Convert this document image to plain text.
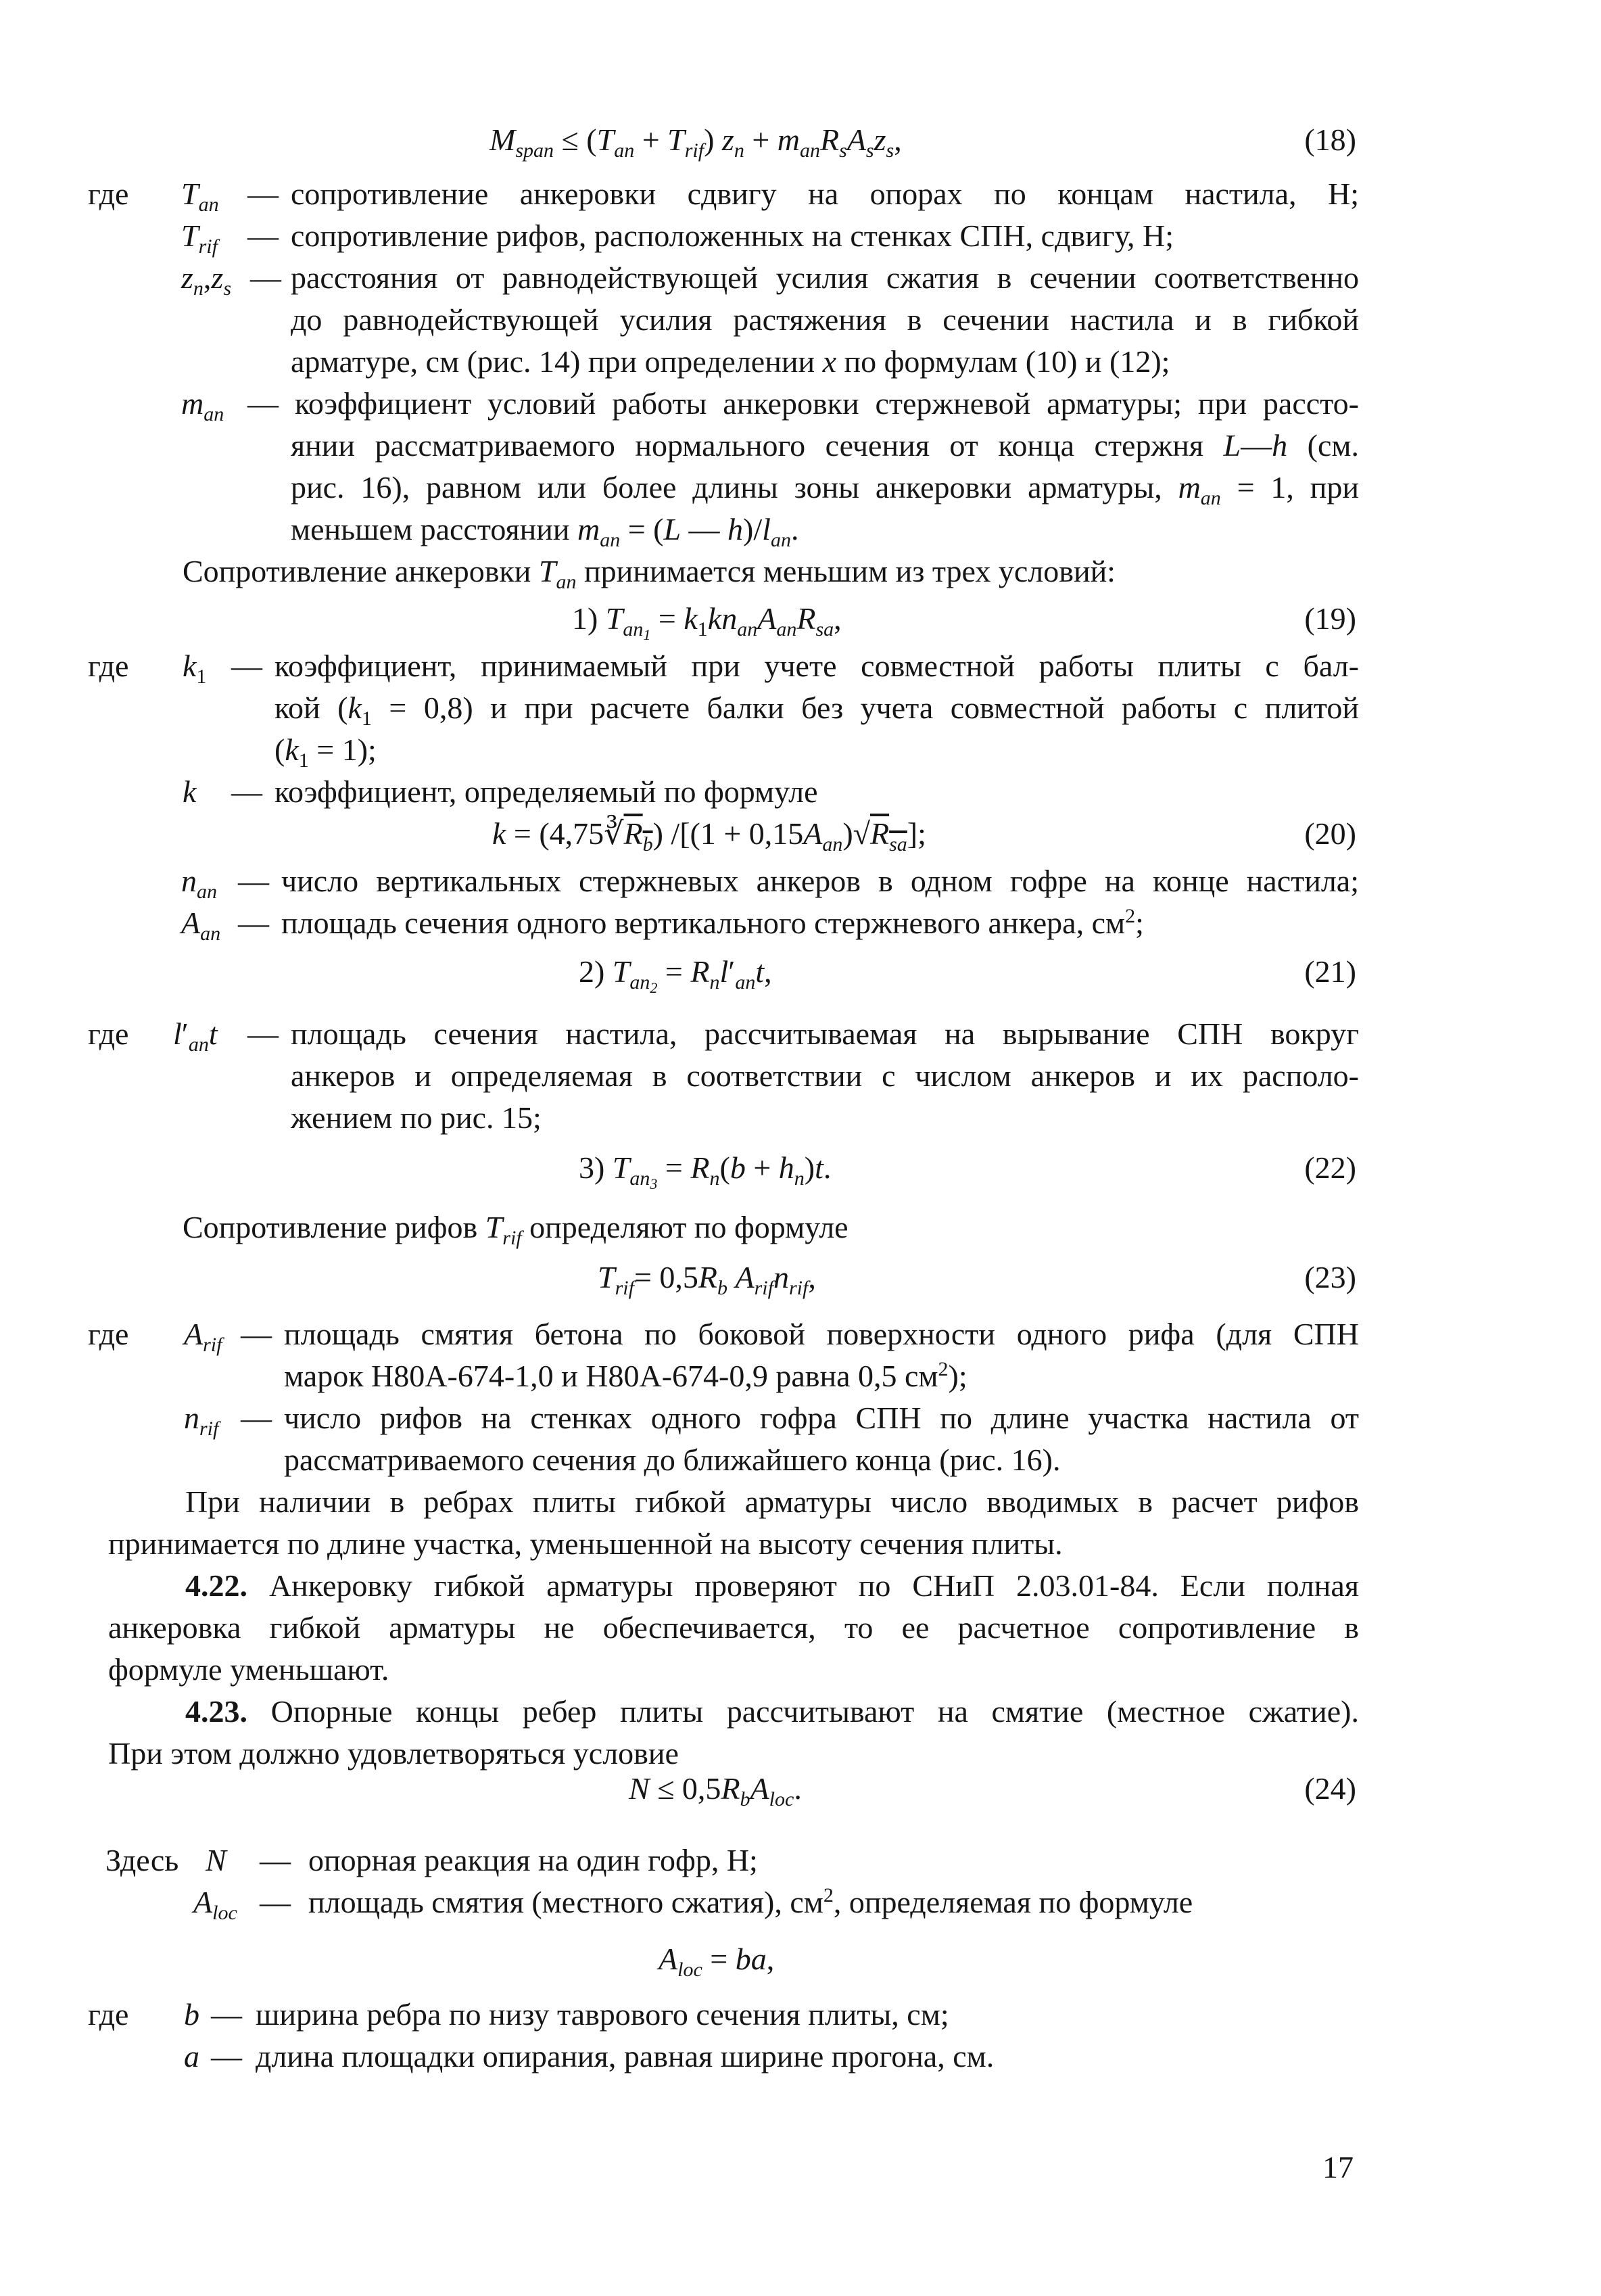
$M_{span} \le (T_{an} + T_{rif}) z_n + m_{an}R_sA_sz_s$,	(18)
где $T_{an}$ — сопротивление анкеровки сдвигу на опорах по концам настила, Н;

$T_{rif}$ — сопротивление рифов, расположенных на стенках СПН, сдвигу, Н;

$z_n,z_s$ — расстояния от равнодействующей усилия сжатия в сечении соответственно

до равнодействующей усилия растяжения в сечении настила и в гибкой

арматуре, см (рис. 14) при определении x по формулам (10) и (12);

$m_{an}$ — коэффициент условий работы анкеровки стержневой арматуры; при рассто-

янии рассматриваемого нормального сечения от конца стержня L—h (см.

рис. 16), равном или более длины зоны анкеровки арматуры, $m_{an} = 1$, при

меньшем расстоянии $m_{an} = (L$ — $h)/l_{an}$.

Сопротивление анкеровки $T_{an}$ принимается меньшим из трех условий:
1) $T_{an_1} = k_1kn_{an}A_{an}R_{sa}$,	(19)
где $k_1$ — коэффициент, принимаемый при учете совместной работы плиты с бал-

кой $(k_1 = 0,8)$ и при расчете балки без учета совместной работы с плитой

$(k_1 = 1)$;

k — коэффициент, определяемый по формуле

$k = (4,75∛R_b) /[(1 + 0,15A_{an})√R_{sa}]$;	(20)
$n_{an}$ — число вертикальных стержневых анкеров в одном гофре на конце настила;

$A_{an}$ — площадь сечения одного вертикального стержневого анкера, $см^2$;

2) $T_{an_2} = R_nl'_{an}t$,	(21)
где $l'_{an}t$ — площадь сечения настила, рассчитываемая на вырывание СПН вокруг

анкеров и определяемая в соответствии с числом анкеров и их располо-

жением по рис. 15;

3) $T_{an_3} = R_n(b + h_n)t$.	(22)
Сопротивление рифов $T_{rif}$ определяют по формуле
$T_{rif}= 0,5R_b$ $A_{rif}n_{rif}$,	(23)
где $A_{rif}$ — площадь смятия бетона по боковой поверхности одного рифа (для СПН

марок Н80А-674-1,0 и Н80А-674-0,9 равна 0,5 $см^2$);

$n_{rif}$ — число рифов на стенках одного гофра СПН по длине участка настила от

рассматриваемого сечения до ближайшего конца (рис. 16).

При наличии в ребрах плиты гибкой арматуры число вводимых в расчет рифов
принимается по длине участка, уменьшенной на высоту сечения плиты.
4.22. Анкеровку гибкой арматуры проверяют по СНиП 2.03.01-84. Если полная
анкеровка гибкой арматуры не обеспечивается, то ее расчетное сопротивление в
формуле уменьшают.
4.23. Опорные концы ребер плиты рассчитывают на смятие (местное сжатие).
При этом должно удовлетворяться условие
$N \le 0,5R_bA_{loc}$.	(24)
Здесь N — опорная реакция на один гофр, Н;

$A_{loc}$ — площадь смятия (местного сжатия), $см^2$, определяемая по формуле

$A_{loc}$ = ba,
где b — ширина ребра по низу таврового сечения плиты, см;

a — длина площадки опирания, равная ширине прогона, см.

17
